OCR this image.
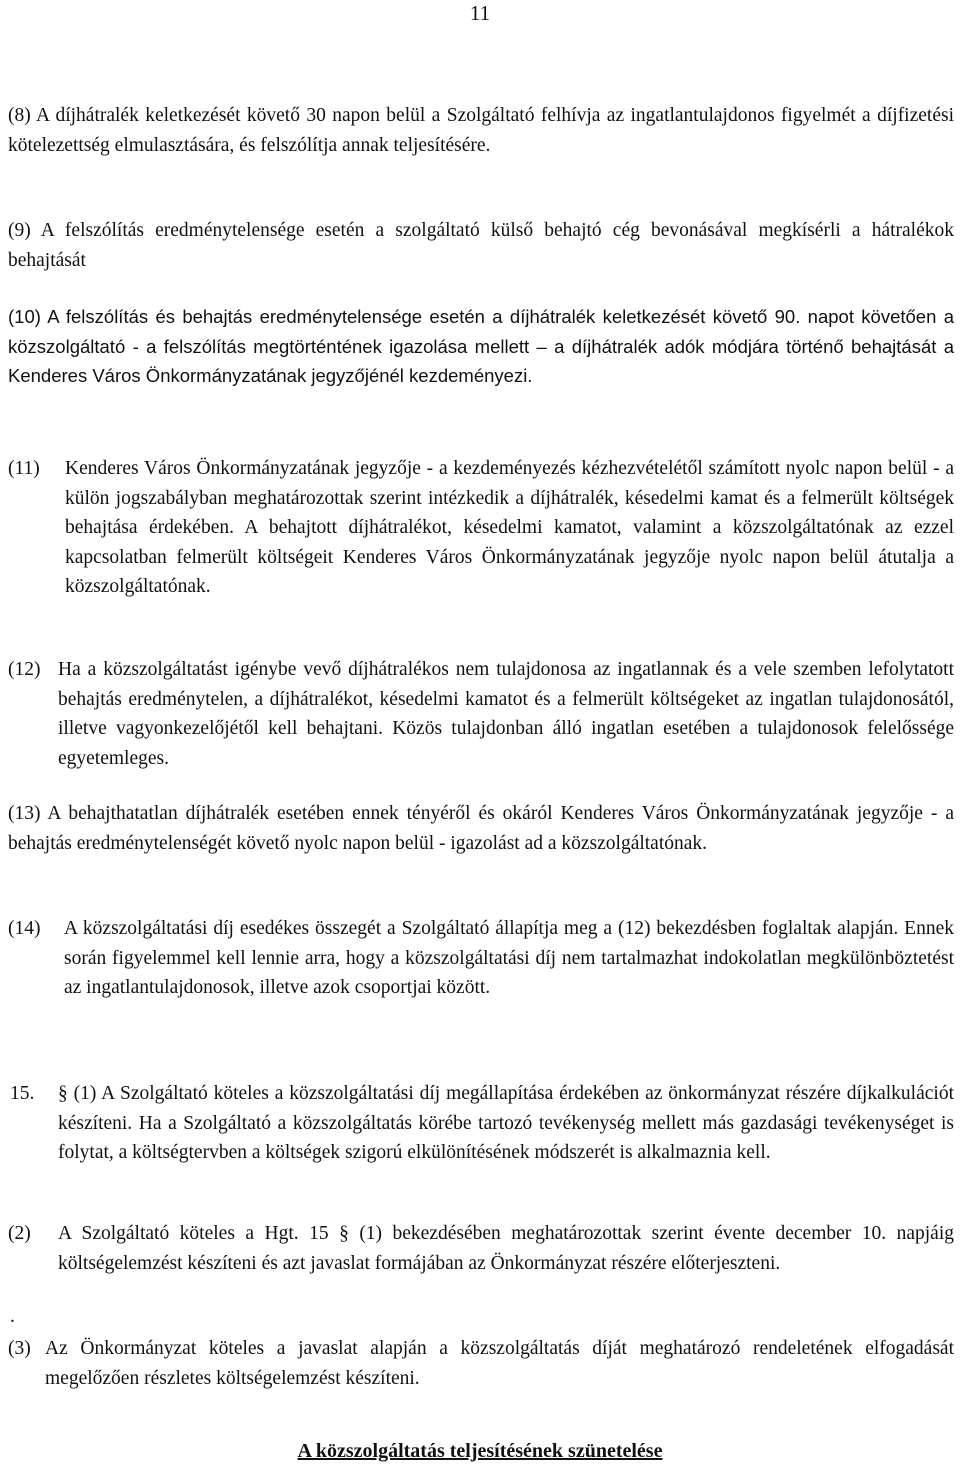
11

(8) A díjhátralék keletkezését követő 30 napon belül a Szolgáltató felhívja az ingatlantulajdonos figyelmét a díjfizetési kötelezettség elmulasztására, és felszólítja annak teljesítésére.

(9) A felszólítás eredménytelensége esetén a szolgáltató külső behajtó cég bevonásával megkísérli a hátralékok behajtását

(10) A felszólítás és behajtás eredménytelensége esetén a díjhátralék keletkezését követő 90. napot követően a közszolgáltató - a felszólítás megtörténtének igazolása mellett – a díjhátralék adók módjára történő behajtását a Kenderes Város Önkormányzatának jegyzőjénél kezdeményezi.

(11) Kenderes Város Önkormányzatának jegyzője - a kezdeményezés kézhezvételétől számított nyolc napon belül - a külön jogszabályban meghatározottak szerint intézkedik a díjhátralék, késedelmi kamat és a felmerült költségek behajtása érdekében. A behajtott díjhátralékot, késedelmi kamatot, valamint a közszolgáltatónak az ezzel kapcsolatban felmerült költségeit Kenderes Város Önkormányzatának jegyzője nyolc napon belül átutalja a közszolgáltatónak.
(12) Ha a közszolgáltatást igénybe vevő díjhátralékos nem tulajdonosa az ingatlannak és a vele szemben lefolytatott behajtás eredménytelen, a díjhátralékot, késedelmi kamatot és a felmerült költségeket az ingatlan tulajdonosától, illetve vagyonkezelőjétől kell behajtani. Közös tulajdonban álló ingatlan esetében a tulajdonosok felelőssége egyetemleges.

(13) A behajthatatlan díjhátralék esetében ennek tényéről és okáról Kenderes Város Önkormányzatának jegyzője - a behajtás eredménytelenségét követő nyolc napon belül - igazolást ad a közszolgáltatónak.

(14) A közszolgáltatási díj esedékes összegét a Szolgáltató állapítja meg a (12) bekezdésben foglaltak alapján. Ennek során figyelemmel kell lennie arra, hogy a közszolgáltatási díj nem tartalmazhat indokolatlan megkülönböztetést az ingatlantulajdonosok, illetve azok csoportjai között.
15. § (1) A Szolgáltató köteles a közszolgáltatási díj megállapítása érdekében az önkormányzat részére díjkalkulációt készíteni. Ha a Szolgáltató a közszolgáltatás körébe tartozó tevékenység mellett más gazdasági tevékenységet is folytat, a költségtervben a költségek szigorú elkülönítésének módszerét is alkalmaznia kell.
(2) A Szolgáltató köteles a Hgt. 15 § (1) bekezdésében meghatározottak szerint évente december 10. napjáig költségelemzést készíteni és azt javaslat formájában az Önkormányzat részére előterjeszteni.
.
(3) Az Önkormányzat köteles a javaslat alapján a közszolgáltatás díját meghatározó rendeletének elfogadását megelőzően részletes költségelemzést készíteni.
A közszolgáltatás teljesítésének szünetelése
